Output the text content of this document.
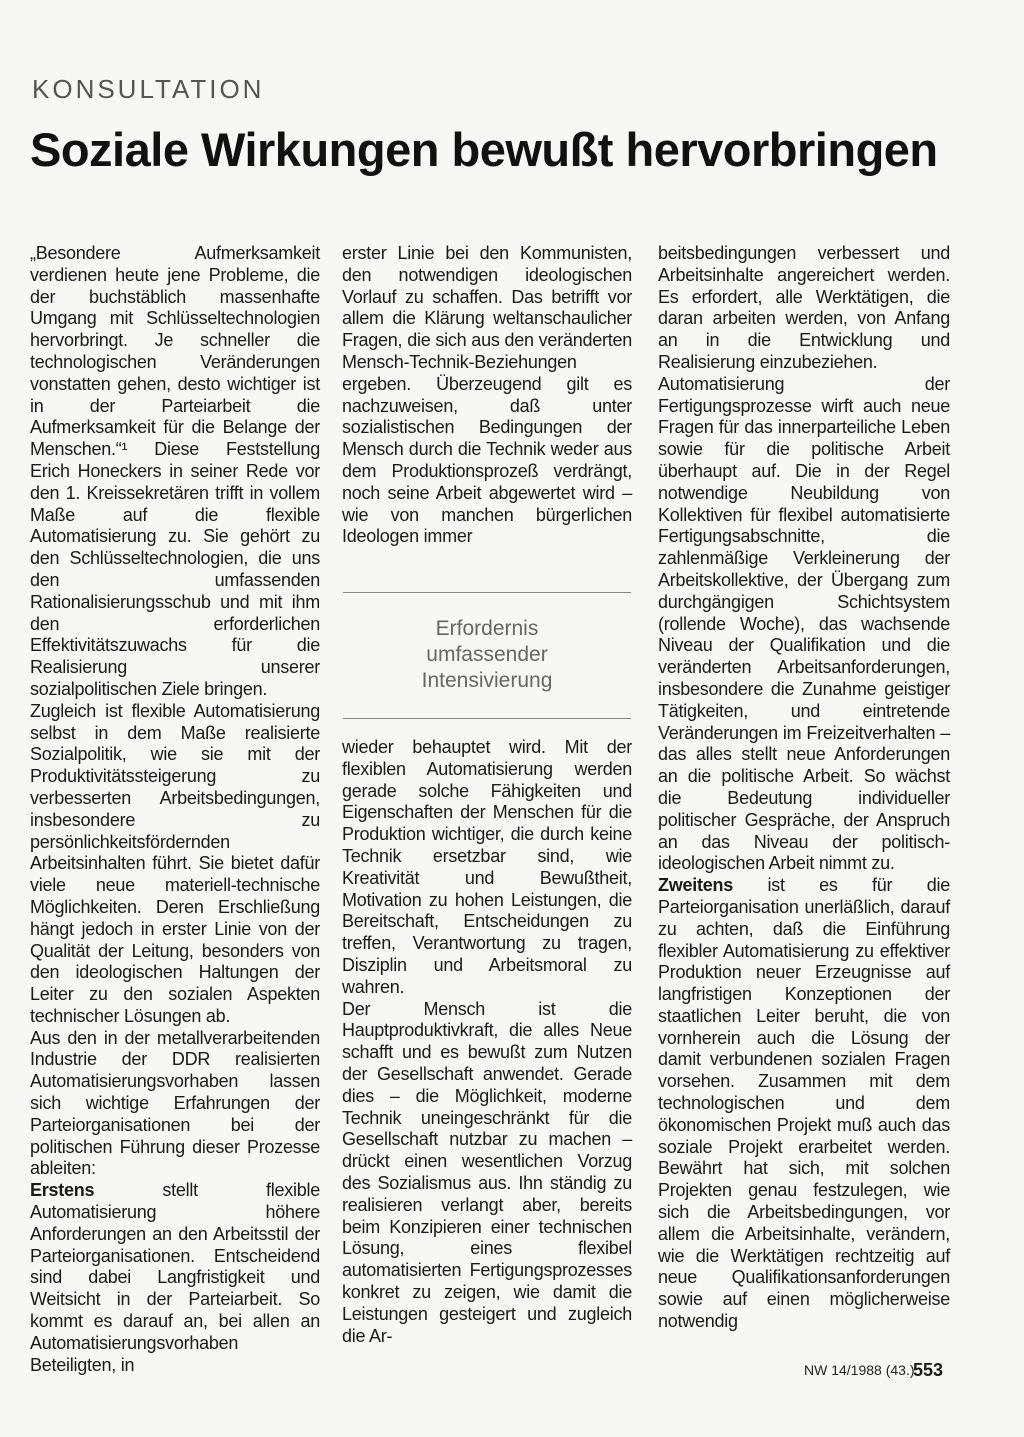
KONSULTATION
Soziale Wirkungen bewußt hervorbringen

„Besondere Aufmerksamkeit verdienen heute jene Probleme, die der buchstäblich massenhafte Umgang mit Schlüsseltechnologien hervorbringt. Je schneller die technologischen Veränderungen vonstatten gehen, desto wichtiger ist in der Parteiarbeit die Aufmerksamkeit für die Belange der Menschen.“¹ Diese Feststellung Erich Honeckers in seiner Rede vor den 1. Kreissekretären trifft in vollem Maße auf die flexible Automatisierung zu. Sie gehört zu den Schlüsseltechnologien, die uns den umfassenden Rationalisierungsschub und mit ihm den erforderlichen Effektivitätszuwachs für die Realisierung unserer sozialpolitischen Ziele bringen.

Zugleich ist flexible Automatisierung selbst in dem Maße realisierte Sozialpolitik, wie sie mit der Produktivitätssteigerung zu verbesserten Arbeitsbedingungen, insbesondere zu persönlichkeitsfördernden Arbeitsinhalten führt. Sie bietet dafür viele neue materiell-technische Möglichkeiten. Deren Erschließung hängt jedoch in erster Linie von der Qualität der Leitung, besonders von den ideologischen Haltungen der Leiter zu den sozialen Aspekten technischer Lösungen ab.

Aus den in der metallverarbeitenden Industrie der DDR realisierten Automatisierungsvorhaben lassen sich wichtige Erfahrungen der Parteiorganisationen bei der politischen Führung dieser Prozesse ableiten:

Erstens stellt flexible Automatisierung höhere Anforderungen an den Arbeitsstil der Parteiorganisationen. Entscheidend sind dabei Langfristigkeit und Weitsicht in der Parteiarbeit. So kommt es darauf an, bei allen an Automatisierungsvorhaben Beteiligten, in

erster Linie bei den Kommunisten, den notwendigen ideologischen Vorlauf zu schaffen. Das betrifft vor allem die Klärung weltanschaulicher Fragen, die sich aus den veränderten Mensch-Technik-Beziehungen ergeben. Überzeugend gilt es nachzuweisen, daß unter sozialistischen Bedingungen der Mensch durch die Technik weder aus dem Produktionsprozeß verdrängt, noch seine Arbeit abgewertet wird – wie von manchen bürgerlichen Ideologen immer

Erfordernis
umfassender
Intensivierung

wieder behauptet wird. Mit der flexiblen Automatisierung werden gerade solche Fähigkeiten und Eigenschaften der Menschen für die Produktion wichtiger, die durch keine Technik ersetzbar sind, wie Kreativität und Bewußtheit, Motivation zu hohen Leistungen, die Bereitschaft, Entscheidungen zu treffen, Verantwortung zu tragen, Disziplin und Arbeitsmoral zu wahren.

Der Mensch ist die Hauptproduktivkraft, die alles Neue schafft und es bewußt zum Nutzen der Gesellschaft anwendet. Gerade dies – die Möglichkeit, moderne Technik uneingeschränkt für die Gesellschaft nutzbar zu machen – drückt einen wesentlichen Vorzug des Sozialismus aus. Ihn ständig zu realisieren verlangt aber, bereits beim Konzipieren einer technischen Lösung, eines flexibel automatisierten Fertigungsprozesses konkret zu zeigen, wie damit die Leistungen gesteigert und zugleich die Ar-

beitsbedingungen verbessert und Arbeitsinhalte angereichert werden. Es erfordert, alle Werktätigen, die daran arbeiten werden, von Anfang an in die Entwicklung und Realisierung einzubeziehen.

Automatisierung der Fertigungsprozesse wirft auch neue Fragen für das innerparteiliche Leben sowie für die politische Arbeit überhaupt auf. Die in der Regel notwendige Neubildung von Kollektiven für flexibel automatisierte Fertigungsabschnitte, die zahlenmäßige Verkleinerung der Arbeitskollektive, der Übergang zum durchgängigen Schichtsystem (rollende Woche), das wachsende Niveau der Qualifikation und die veränderten Arbeitsanforderungen, insbesondere die Zunahme geistiger Tätigkeiten, und eintretende Veränderungen im Freizeitverhalten – das alles stellt neue Anforderungen an die politische Arbeit. So wächst die Bedeutung individueller politischer Gespräche, der Anspruch an das Niveau der politisch-ideologischen Arbeit nimmt zu.

Zweitens ist es für die Parteiorganisation unerläßlich, darauf zu achten, daß die Einführung flexibler Automatisierung zu effektiver Produktion neuer Erzeugnisse auf langfristigen Konzeptionen der staatlichen Leiter beruht, die von vornherein auch die Lösung der damit verbundenen sozialen Fragen vorsehen. Zusammen mit dem technologischen und dem ökonomischen Projekt muß auch das soziale Projekt erarbeitet werden. Bewährt hat sich, mit solchen Projekten genau festzulegen, wie sich die Arbeitsbedingungen, vor allem die Arbeitsinhalte, verändern, wie die Werktätigen rechtzeitig auf neue Qualifikationsanforderungen sowie auf einen möglicherweise notwendig

NW 14/1988 (43.)
553
